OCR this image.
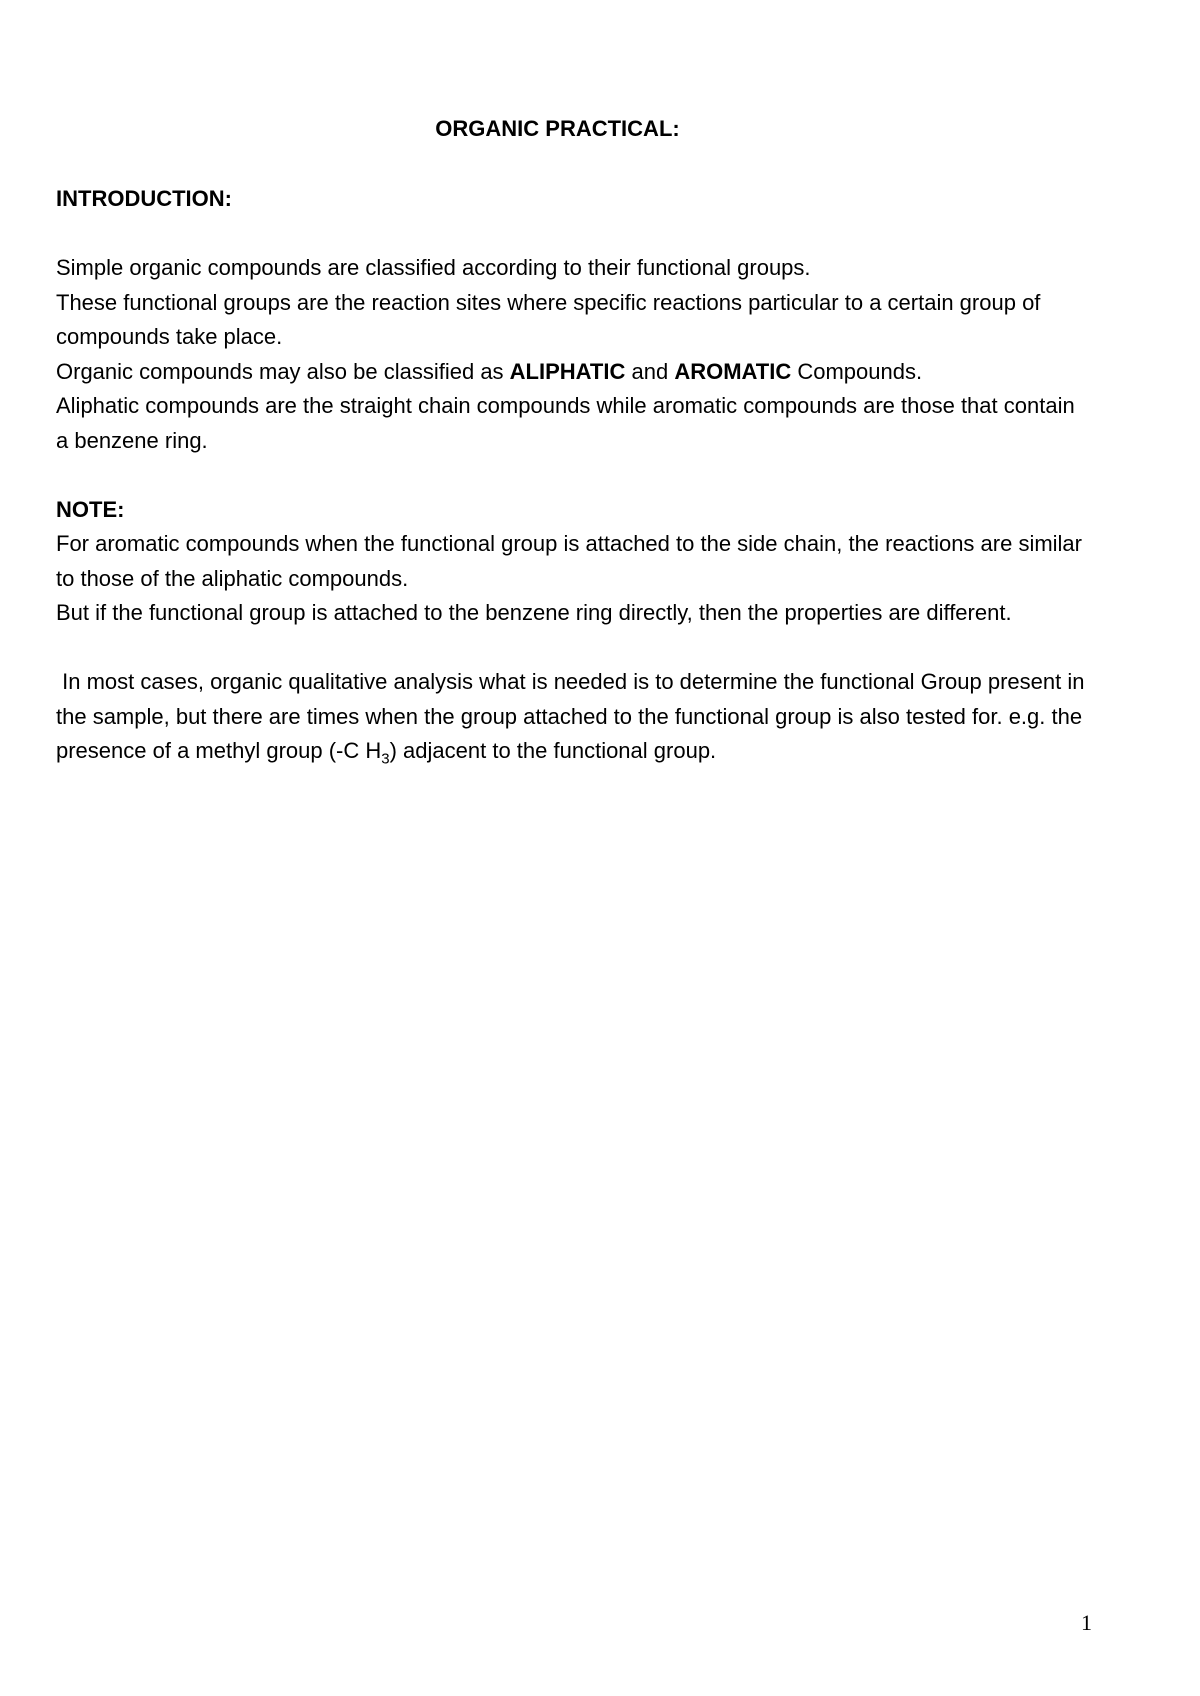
ORGANIC PRACTICAL:

INTRODUCTION:

Simple organic compounds are classified according to their functional groups.

These functional groups are the reaction sites where specific reactions particular to a certain group of compounds take place.

Organic compounds may also be classified as ALIPHATIC and AROMATIC Compounds.

Aliphatic compounds are the straight chain compounds while aromatic compounds are those that contain a benzene ring.

NOTE:

For aromatic compounds when the functional group is attached to the side chain, the reactions are similar to those of the aliphatic compounds.

But if the functional group is attached to the benzene ring directly, then the properties are different.

In most cases, organic qualitative analysis what is needed is to determine the functional Group present in the sample, but there are times when the group attached to the functional group is also tested for. e.g. the presence of a methyl group (-C $H_3$) adjacent to the functional group.

1
